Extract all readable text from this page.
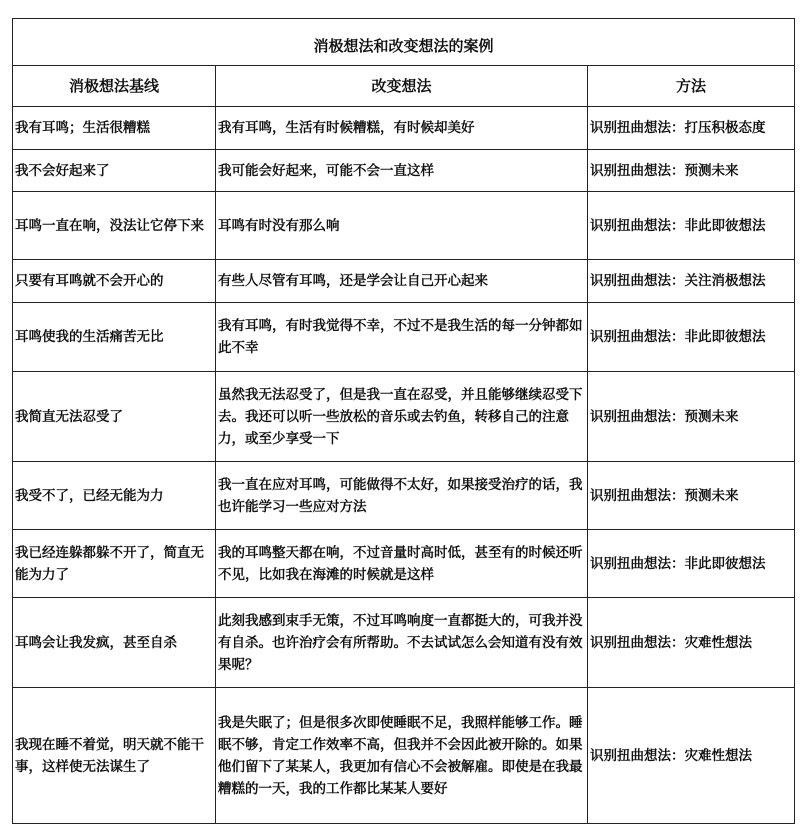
消极想法和改变想法的案例		
消极想法基线	改变想法	方法
我有耳鸣；生活很糟糕	我有耳鸣，生活有时候糟糕，有时候却美好	识别扭曲想法：打压积极态度
我不会好起来了	我可能会好起来，可能不会一直这样	识别扭曲想法：预测未来
耳鸣一直在响，没法让它停下来	耳鸣有时没有那么响	识别扭曲想法：非此即彼想法
只要有耳鸣就不会开心的	有些人尽管有耳鸣，还是学会让自己开心起来	识别扭曲想法：关注消极想法
耳鸣使我的生活痛苦无比	我有耳鸣，有时我觉得不幸，不过不是我生活的每一分钟都如此不幸	识别扭曲想法：非此即彼想法
我简直无法忍受了	虽然我无法忍受了，但是我一直在忍受，并且能够继续忍受下去。我还可以听一些放松的音乐或去钓鱼，转移自己的注意力，或至少享受一下	识别扭曲想法：预测未来
我受不了，已经无能为力	我一直在应对耳鸣，可能做得不太好，如果接受治疗的话，我也许能学习一些应对方法	识别扭曲想法：预测未来
我已经连躲都躲不开了，简直无能为力了	我的耳鸣整天都在响，不过音量时高时低，甚至有的时候还听不见，比如我在海滩的时候就是这样	识别扭曲想法：非此即彼想法
耳鸣会让我发疯，甚至自杀	此刻我感到束手无策，不过耳鸣响度一直都挺大的，可我并没有自杀。也许治疗会有所帮助。不去试试怎么会知道有没有效果呢？	识别扭曲想法：灾难性想法
我现在睡不着觉，明天就不能干事，这样使无法谋生了	我是失眠了；但是很多次即使睡眠不足，我照样能够工作。睡眠不够，肯定工作效率不高，但我并不会因此被开除的。如果他们留下了某某人，我更加有信心不会被解雇。即使是在我最糟糕的一天，我的工作都比某某人要好	识别扭曲想法：灾难性想法
